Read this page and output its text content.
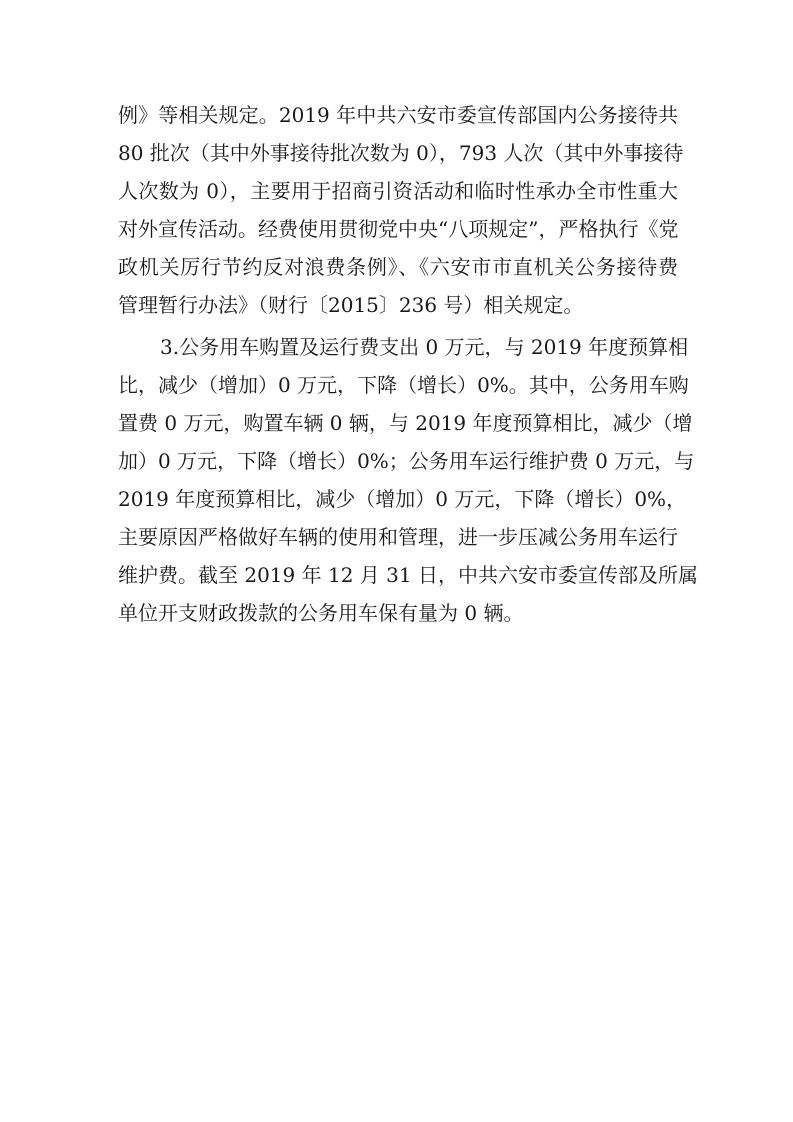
例》等相关规定。2019 年中共六安市委宣传部国内公务接待共
80 批次（其中外事接待批次数为 0），793 人次（其中外事接待
人次数为 0），主要用于招商引资活动和临时性承办全市性重大
对外宣传活动。经费使用贯彻党中央“八项规定”，严格执行《党
政机关厉行节约反对浪费条例》、《六安市市直机关公务接待费
管理暂行办法》（财行〔2015〕236 号）相关规定。
3.公务用车购置及运行费支出 0 万元，与 2019 年度预算相
比，减少（增加）0 万元，下降（增长）0%。其中，公务用车购
置费 0 万元，购置车辆 0 辆，与 2019 年度预算相比，减少（增
加）0 万元，下降（增长）0%；公务用车运行维护费 0 万元，与
2019 年度预算相比，减少（增加）0 万元，下降（增长）0%，
主要原因严格做好车辆的使用和管理，进一步压减公务用车运行
维护费。截至 2019 年 12 月 31 日，中共六安市委宣传部及所属
单位开支财政拨款的公务用车保有量为 0 辆。
